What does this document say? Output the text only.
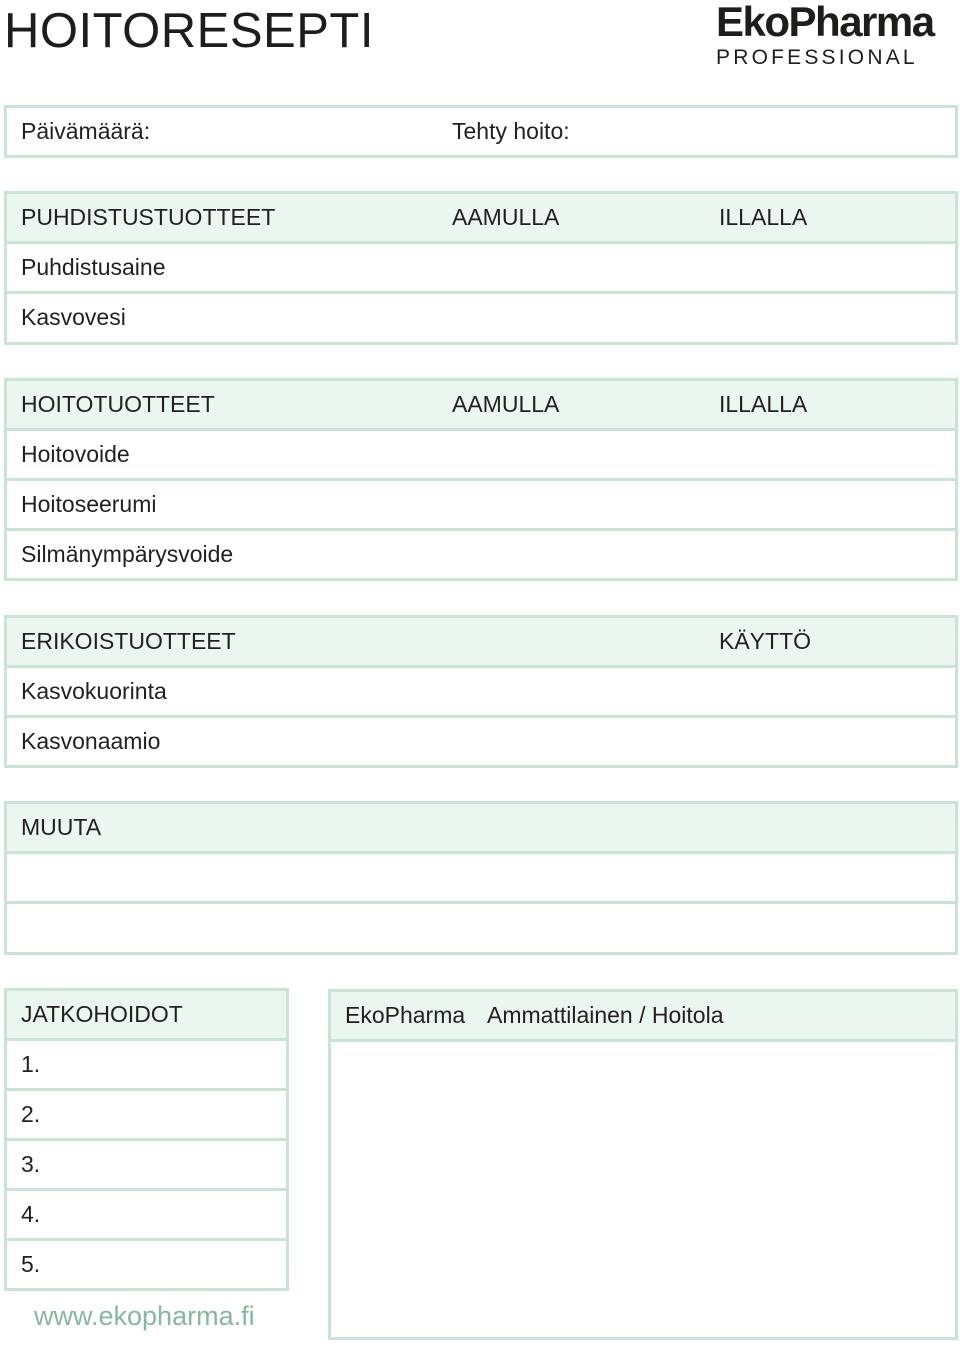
HOITORESEPTI	EkoPharma
PROFESSIONAL
Päivämäärä:	Tehty hoito:
PUHDISTUSTUOTTEET	AAMULLA	ILLALLA
Puhdistusaine
Kasvovesi
HOITOTUOTTEET	AAMULLA	ILLALLA
Hoitovoide
Hoitoseerumi
Silmänympärysvoide
ERIKOISTUOTTEET	KÄYTTÖ
Kasvokuorinta
Kasvonaamio
MUUTA
JATKOHOIDOT
1.
2.
3.
4.
5.
EkoPharma Ammattilainen / Hoitola
www.ekopharma.fi
